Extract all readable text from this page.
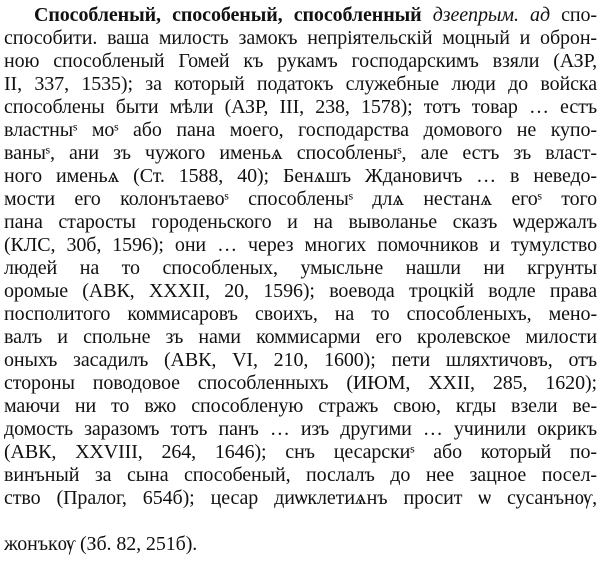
Способленый, способеный, способленный дзеепрым. ад спо-
способити. ваша милость замокъ непріятельскій моцный и оброн-
ною способленый Гомей къ рукамъ господарскимъ взяли (АЗР,
II, 337, 1535); за который податокъ служебные люди до войска
способлены быти мѣли (АЗР, III, 238, 1578); тотъ товар … естъ
властныˢ моˢ або пана моего, господарства домового не купо-
ваныˢ, ани зъ чужого именьѧ способленыˢ, але естъ зъ власт-
ного именьѧ (Ст. 1588, 40); Бенѧшъ Ждановичъ … в неведо-
мости его колонътаевоˢ способленыˢ длѧ нестанѧ егоˢ того
пана старосты городеньского и на выволанье сказъ ѡдержалъ
(КЛС, 30б, 1596); они … через многих помочников и тумулство
людей на то способленых, умысльне нашли ни кгрунты
оромые (АВК, XXXII, 20, 1596); воевода троцкій водле права
посполитого коммисаровъ своихъ, на то способленыхъ, мено-
валъ и спольне зъ нами коммисарми его кролевское милости
оныхъ засадилъ (АВК, VI, 210, 1600); пети шляхтичовъ, отъ
стороны поводовое способленныхъ (ИЮМ, XXII, 285, 1620);
маючи ни то вжо способленую стражъ свою, кгды взели ве-
домость заразомъ тотъ панъ … изъ другими … учинили окрикъ
(АВК, XXVIII, 264, 1646); снъ цесарскиˢ або который по-
винъный за сына способеный, послалъ до нее зацное посел-
ство (Пралог, 654б); цесар диѡклетиѧнъ просит ѡ сусанънѹ,
жонъкѹ (Зб. 82, 251б).
